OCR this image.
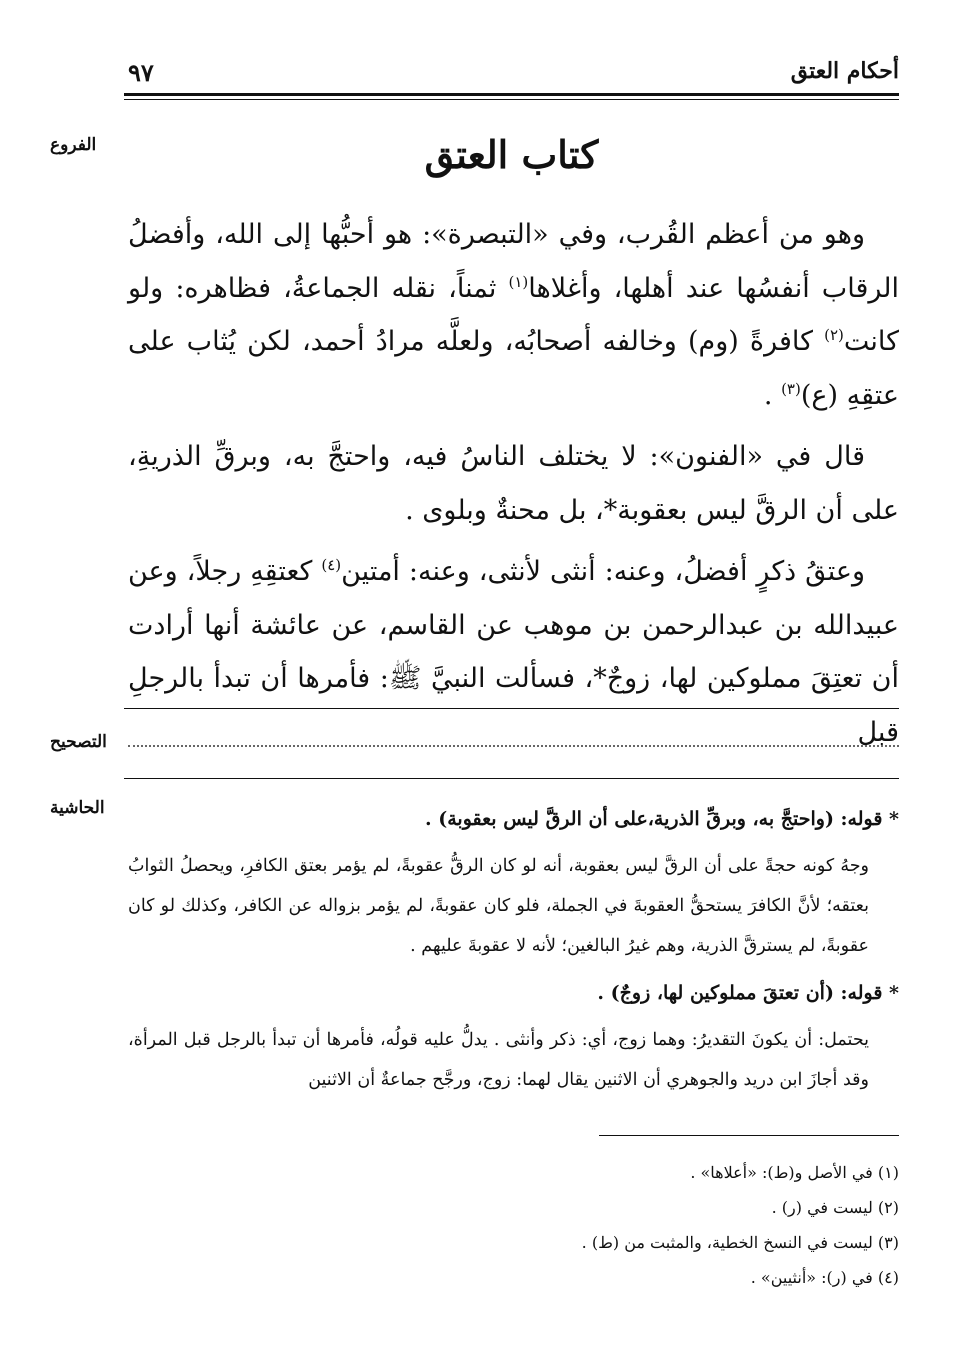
أحكام العتق
٩٧
الفروع
التصحيح
الحاشية
كتاب العتق

وهو من أعظم القُرب، وفي «التبصرة»: هو أحبُّها إلى الله، وأفضلُ الرقاب أنفسُها عند أهلها، وأغلاها$^{(١)}$ ثمناً، نقله الجماعةُ، فظاهره: ولو كانت$^{(٢)}$ كافرةً (وم) وخالفه أصحابُه، ولعلَّه مرادُ أحمد، لكن يُثاب على عتقِهِ (ع)$^{(٣)}$ .

قال في «الفنون»: لا يختلف الناسُ فيه، واحتجَّ به، وبرقِّ الذريةِ، على أن الرقَّ ليس بعقوبة*، بل محنةٌ وبلوى .

وعتقُ ذكرٍ أفضلُ، وعنه: أنثى لأنثى، وعنه: أمتين$^{(٤)}$ كعتقِهِ رجلاً، وعن عبيدالله بن عبدالرحمن بن موهب عن القاسم، عن عائشة أنها أرادت أن تعتِقَ مملوكين لها، زوجٌ*، فسألت النبيَّ ﷺ: فأمرها أن تبدأ بالرجلِ قبل

* قوله: (واحتجَّ به، وبرقِّ الذرية،على أن الرقَّ ليس بعقوبة) .
وجهُ كونه حجةً على أن الرقَّ ليس بعقوبة، أنه لو كان الرقُّ عقوبةً، لم يؤمر بعتق الكافرِ، ويحصلُ الثوابُ بعتقه؛ لأنَّ الكافرَ يستحقُّ العقوبةَ في الجملة، فلو كان عقوبةً، لم يؤمر بزواله عن الكافر، وكذلك لو كان عقوبةً، لم يسترقَّ الذرية، وهم غيرُ البالغين؛ لأنه لا عقوبةَ عليهم .
* قوله: (أن تعتقَ مملوكين لها، زوجٌ) .
يحتمل: أن يكونَ التقديرُ: وهما زوج، أي: ذكر وأنثى . يدلُّ عليه قولُه، فأمرها أن تبدأ بالرجل قبل المرأة، وقد أجازَ ابن دريد والجوهري أن الاثنين يقال لهما: زوج، ورجَّح جماعةٌ أن الاثنين
(١) في الأصل و(ط): «أعلاها» .
(٢) ليست في (ر) .
(٣) ليست في النسخ الخطية، والمثبت من (ط) .
(٤) في (ر): «أنثيين» .
